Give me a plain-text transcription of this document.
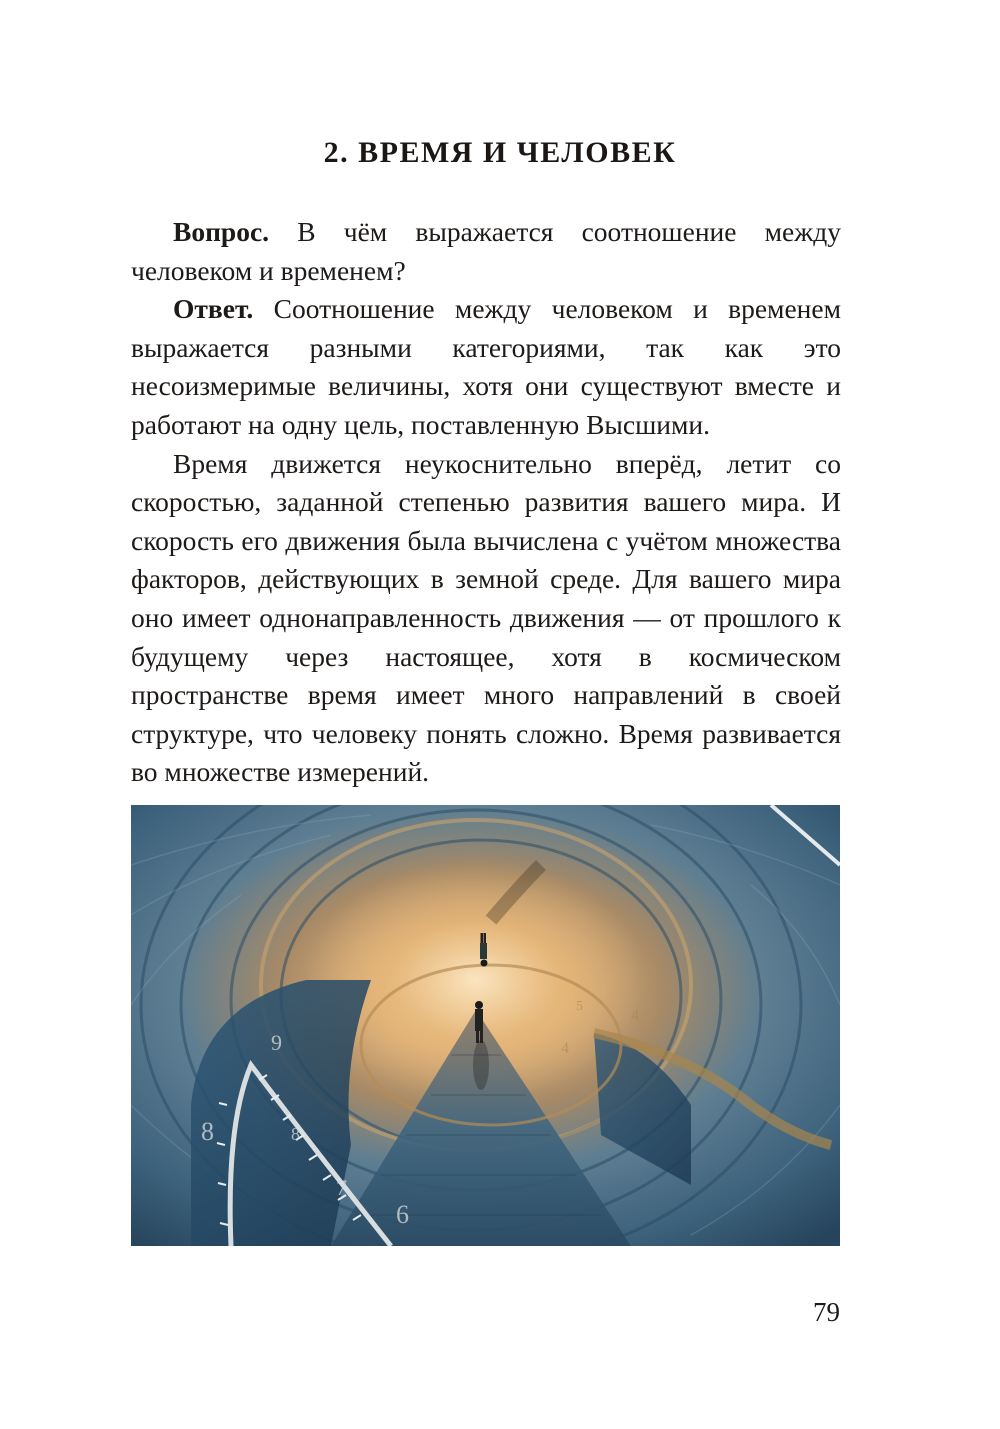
2. ВРЕМЯ И ЧЕЛОВЕК

Вопрос. В чём выражается соотношение между человеком и временем?

Ответ. Соотношение между человеком и временем выражается разными категориями, так как это несоизмеримые величины, хотя они существуют вместе и работают на одну цель, поставленную Высшими.

Время движется неукоснительно вперёд, летит со скоростью, заданной степенью развития вашего мира. И скорость его движения была вычислена с учётом множества факторов, действующих в земной среде. Для вашего мира оно имеет однонаправленность движения — от прошлого к будущему через настоящее, хотя в космическом пространстве время имеет много направлений в своей структуре, что человеку понять сложно. Время развивается во множестве измерений.

9
8	8
7
6
4
5
4
79
